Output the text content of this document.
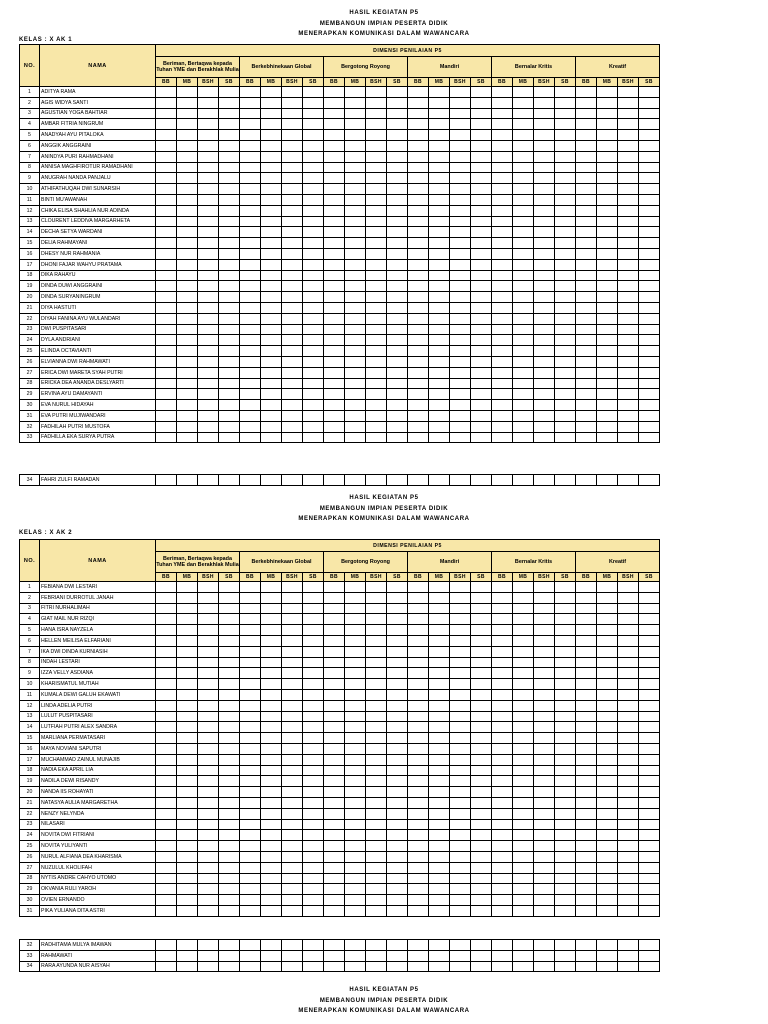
HASIL KEGIATAN P5
MEMBANGUN IMPIAN PESERTA DIDIK
MENERAPKAN KOMUNIKASI DALAM WAWANCARA
KELAS : X AK 1
NO.	NAMA	DIMENSI PENILAIAN P5																							
		Beriman, Bertaqwa kepada Tuhan YME dan Berakhlak Mulia				Berkebhinekaan Global				Bergotong Royong				Mandiri				Bernalar Kritis				Kreatif			
		BB	MB	BSH	SB	BB	MB	BSH	SB	BB	MB	BSH	SB	BB	MB	BSH	SB	BB	MB	BSH	SB	BB	MB	BSH	SB
1	ADITYA RAMA																								
2	AGIS WIDYA SANTI																								
3	AGUSTIAN YOGA BAHTIAR																								
4	AMBAR FITRIA NINGRUM																								
5	ANADYAH AYU PITALOKA																								
6	ANGGIK ANGGRAINI																								
7	ANINDYA PURI RAHMADHANI																								
8	ANNISA MAGHFIROTUR RAMADHANI																								
9	ANUGRAH NANDA PANJALU																								
10	ATHIFATHUQAH DWI SUNARSIH																								
11	BINTI MU'AWANAH																								
12	CHIKA ELISA SHAHLIA NUR ADINDA																								
13	CLOURENT LEDDIVA MARGARHETA																								
14	DECHA SETYA WARDANI																								
15	DELIA RAHMAYANI																								
16	DHESY NUR RAHMANIA																								
17	DHONI FAJAR WAHYU PRATAMA																								
18	DIKA RAHAYU																								
19	DINDA DUWI ANGGRAINI																								
20	DINDA SURYANINGRUM																								
21	DIYA HASTUTI																								
22	DIYAH FANINA AYU WULANDARI																								
23	DWI PUSPITASARI																								
24	DYLA ANDRIANI																								
25	ELINDA OCTAVIANTI																								
26	ELVIANNA DWI RAHMAWATI																								
27	ERICA DWI MARETA SYAH PUTRI																								
28	ERICKA DEA ANANDA DESLYARTI																								
29	ERVINA AYU DAMAYANTI																								
30	EVA NURUL HIDAYAH																								
31	EVA PUTRI MUJIWANDARI																								
32	FADHILAH PUTRI MUSTOFA																								
33	FADHILLA EKA SURYA PUTRA																								
34	FAHRI ZULFI RAMADAN																								
HASIL KEGIATAN P5
MEMBANGUN IMPIAN PESERTA DIDIK
MENERAPKAN KOMUNIKASI DALAM WAWANCARA
KELAS : X AK 2
NO.	NAMA	DIMENSI PENILAIAN P5																							
		Beriman, Bertaqwa kepada Tuhan YME dan Berakhlak Mulia				Berkebhinekaan Global				Bergotong Royong				Mandiri				Bernalar Kritis				Kreatif			
		BB	MB	BSH	SB	BB	MB	BSH	SB	BB	MB	BSH	SB	BB	MB	BSH	SB	BB	MB	BSH	SB	BB	MB	BSH	SB
1	FEBIANA DWI LESTARI																								
2	FEBRIANI DURROTUL JANAH																								
3	FITRI NURHALIMAH																								
4	GIAT MAIL NUR RIZQI																								
5	HANA ISRA NAYZELA																								
6	HELLEN MEILISA ELFARIANI																								
7	IKA DWI DINDA KURNIASIH																								
8	INDAH LESTARI																								
9	IZZA VELLY ASDIANA																								
10	KHARISMATUL MUTIAH																								
11	KUMALA DEWI GALUH EKAWATI																								
12	LINDA ADELIA PUTRI																								
13	LULUT PUSPITASARI																								
14	LUTFIAH PUTRI ALEX SANDRA																								
15	MARLIANA PERMATASARI																								
16	MAYA NOVIANI SAPUTRI																								
17	MUCHAMMAD ZAINUL MUNAJIB																								
18	NADIA EKA APRIL LIA																								
19	NADILA DEWI RISANDY																								
20	NANDA IIS ROHAYATI																								
21	NATASYA AULIA MARGARETHA																								
22	NENZY NELYNDA																								
23	NILASARI																								
24	NOVITA DWI FITRIANI																								
25	NOVITA YULIYANTI																								
26	NURUL ALFIANA DEA KHARISMA																								
27	NUZULUL KHOLIFAH																								
28	NYTIS ANDRE CAHYO UTOMO																								
29	OKVANIA RULI YAROH																								
30	OVIEN ERNANDO																								
31	PIKA YULIANA DITA ASTRI																								
32	RADHITAMA MULYA IMAWAN																								
33	RAHMAWATI																								
34	RARA AYUNDA NUR AISYAH																								
HASIL KEGIATAN P5
MEMBANGUN IMPIAN PESERTA DIDIK
MENERAPKAN KOMUNIKASI DALAM WAWANCARA
